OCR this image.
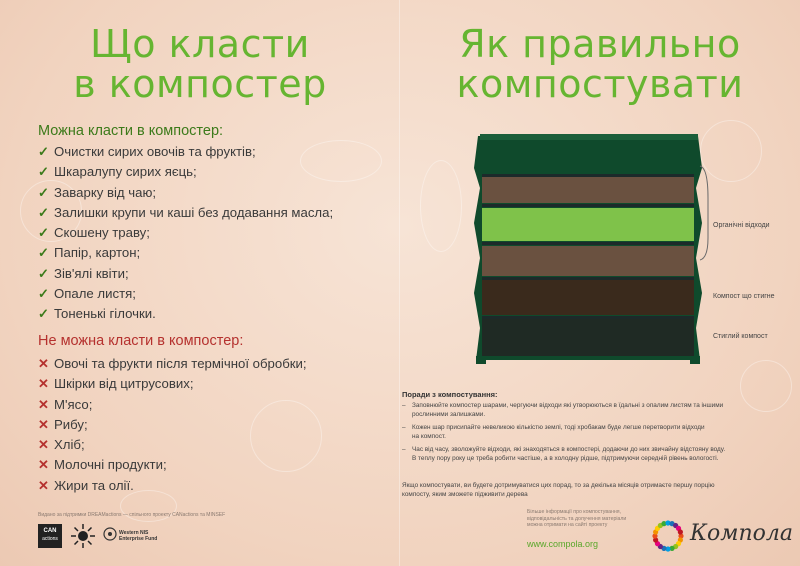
Що класти
в компостер
Як правильно
компостувати
Можна класти в компостер:
✓ Очистки сирих овочів та фруктів;
✓ Шкаралупу сирих яєць;
✓ Заварку від чаю;
✓ Залишки крупи чи каші без додавання масла;
✓ Скошену траву;
✓ Папір, картон;
✓ Зів'ялі квіти;
✓ Опале листя;
✓ Тоненькі гілочки.
Не можна класти в компостер:
✕ Овочі та фрукти після термічної обробки;
✕ Шкірки від цитрусових;
✕ М'ясо;
✕ Рибу;
✕ Хліб;
✕ Молочні продукти;
✕ Жири та олії.
Видано за підтримки DREAMactions — спільного проекту CANactions та MINSEF
CAN
actions
Western NIS Enterprise Fund
Органічні відходи
Компост що стигне
Стиглий компост
Поради з компостування:
– Заповнюйте компостер шарами, чергуючи відходи які утворюються в їдальні з опалим листям та іншими
рослинними залишками.
– Кожен шар присипайте невеликою кількістю землі, тоді хробакам буде легше перетворити відходи
на компост.
– Час від часу, зволожуйте відходи, які знаходяться в компостері, додаючи до них звичайну відстояну воду.
В теплу пору року це треба робити частіше, а в холодну рідше, підтримуючи середній рівень вологості.
Якщо компостувати, ви будете дотримуватися цих порад, то за декілька місяців отримаєте першу порцію
компосту, яким зможете підживити дерева
Більше інформації про компостування, відповідальність та долучення матеріали можна отримати на сайті проекту
www.compola.org	Компола
